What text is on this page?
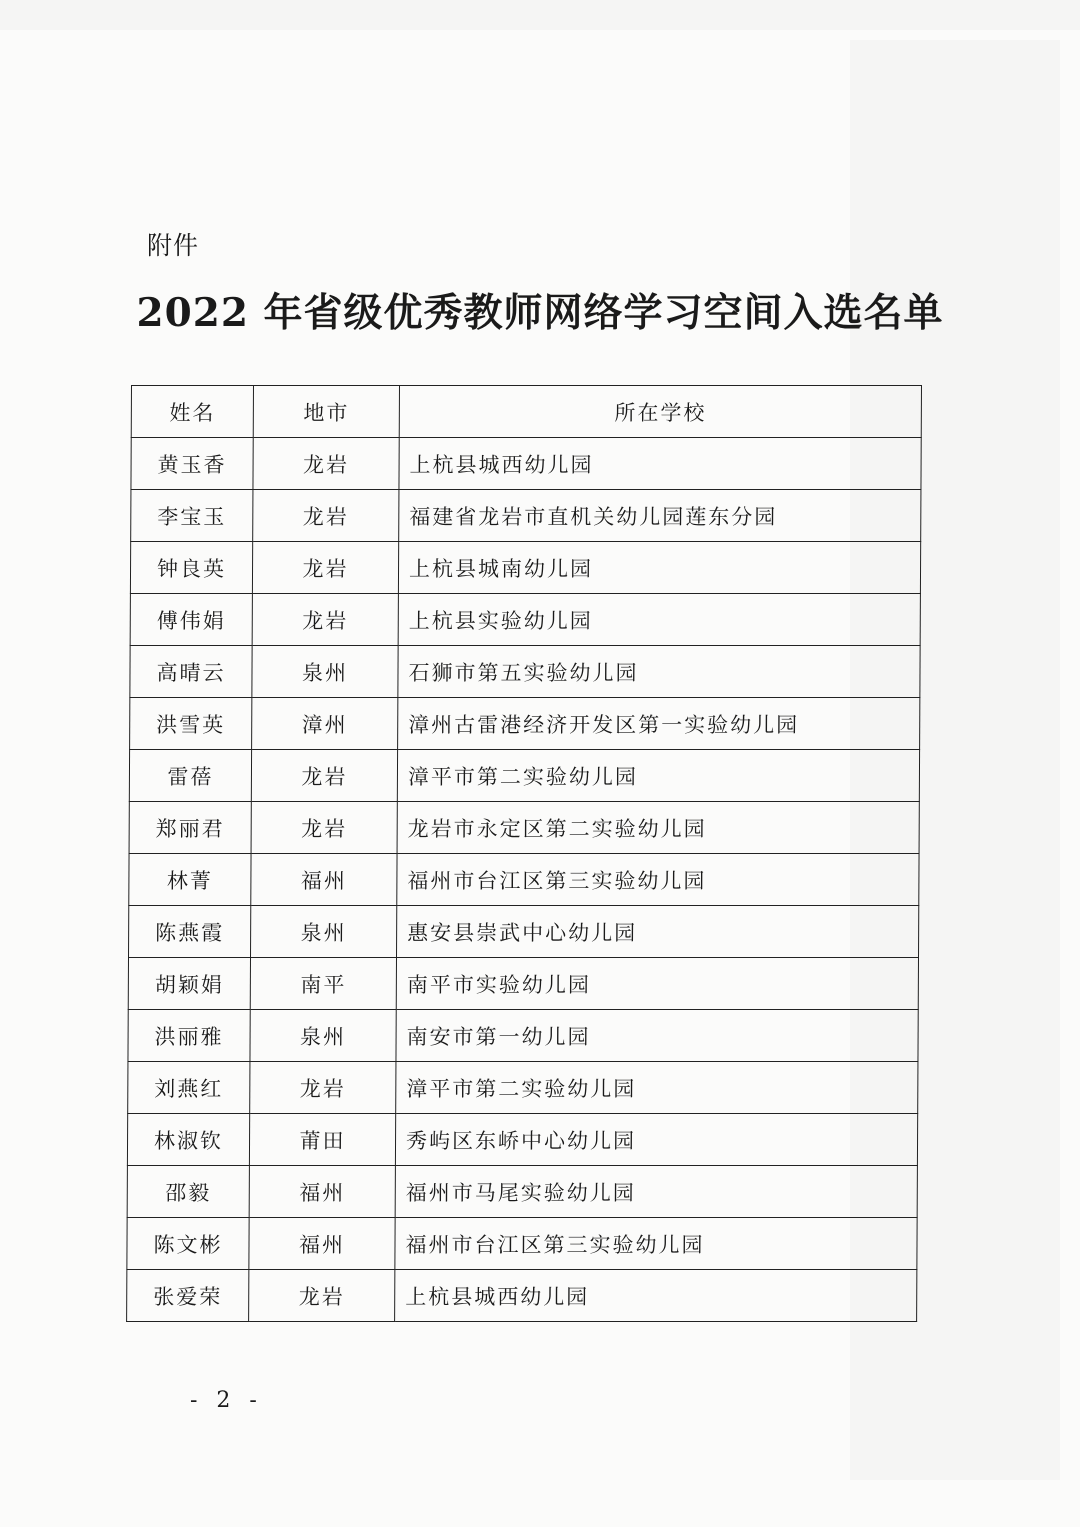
附件
2022 年省级优秀教师网络学习空间入选名单
姓名	地市	所在学校
黄玉香	龙岩	上杭县城西幼儿园
李宝玉	龙岩	福建省龙岩市直机关幼儿园莲东分园
钟良英	龙岩	上杭县城南幼儿园
傅伟娟	龙岩	上杭县实验幼儿园
高晴云	泉州	石狮市第五实验幼儿园
洪雪英	漳州	漳州古雷港经济开发区第一实验幼儿园
雷蓓	龙岩	漳平市第二实验幼儿园
郑丽君	龙岩	龙岩市永定区第二实验幼儿园
林菁	福州	福州市台江区第三实验幼儿园
陈燕霞	泉州	惠安县崇武中心幼儿园
胡颖娟	南平	南平市实验幼儿园
洪丽雅	泉州	南安市第一幼儿园
刘燕红	龙岩	漳平市第二实验幼儿园
林淑钦	莆田	秀屿区东峤中心幼儿园
邵毅	福州	福州市马尾实验幼儿园
陈文彬	福州	福州市台江区第三实验幼儿园
张爱荣	龙岩	上杭县城西幼儿园
- 2 -
